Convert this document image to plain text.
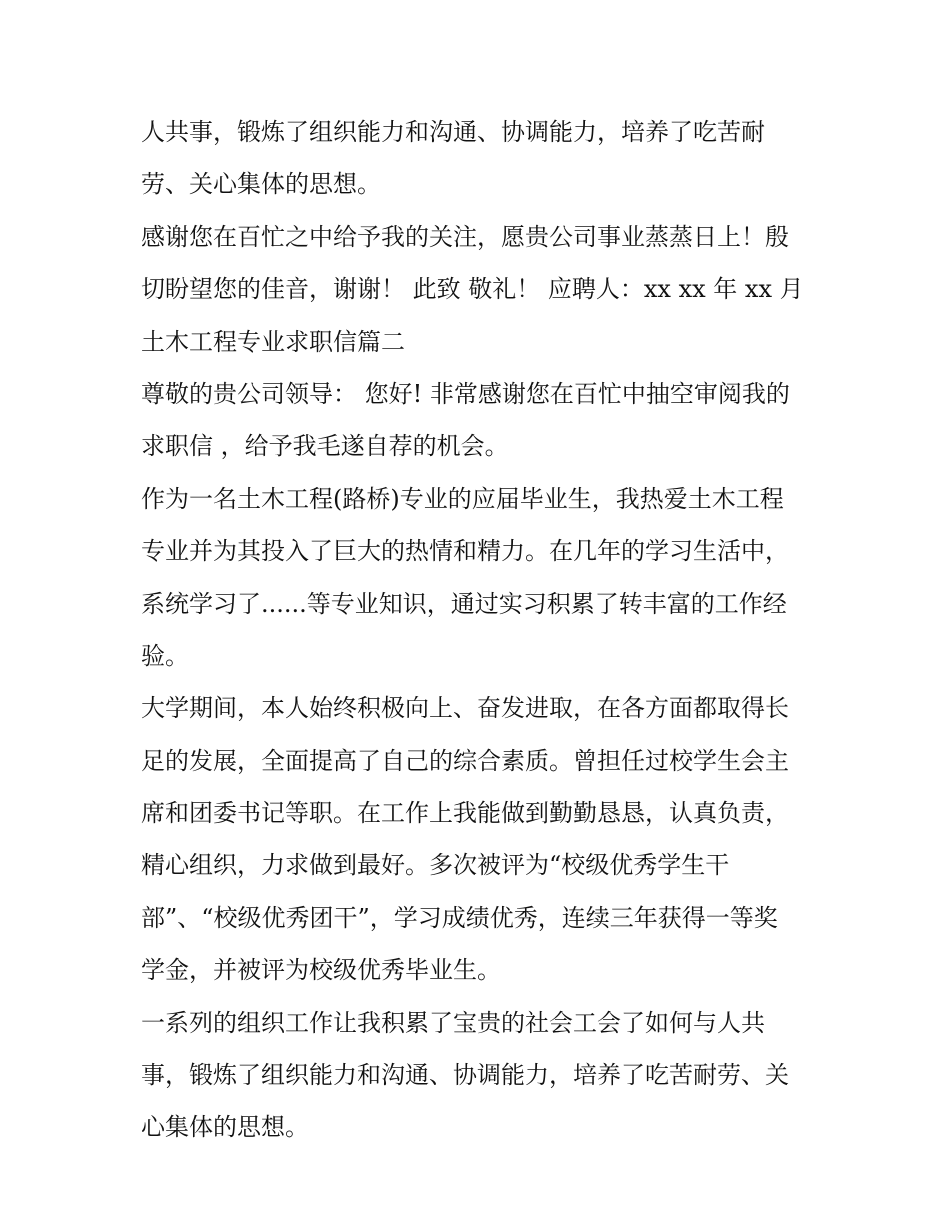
人共事，锻炼了组织能力和沟通、协调能力，培养了吃苦耐
劳、关心集体的思想。
感谢您在百忙之中给予我的关注，愿贵公司事业蒸蒸日上！殷
切盼望您的佳音，谢谢！ 此致 敬礼！ 应聘人：xx xx 年 xx 月
土木工程专业求职信篇二
尊敬的贵公司领导： 您好! 非常感谢您在百忙中抽空审阅我的
求职信 ，给予我毛遂自荐的机会。
作为一名土木工程(路桥)专业的应届毕业生，我热爱土木工程
专业并为其投入了巨大的热情和精力。在几年的学习生活中，
系统学习了......等专业知识，通过实习积累了转丰富的工作经
验。
大学期间，本人始终积极向上、奋发进取，在各方面都取得长
足的发展，全面提高了自己的综合素质。曾担任过校学生会主
席和团委书记等职。在工作上我能做到勤勤恳恳，认真负责，
精心组织，力求做到最好。多次被评为“校级优秀学生干
部”、“校级优秀团干”，学习成绩优秀，连续三年获得一等奖
学金，并被评为校级优秀毕业生。
一系列的组织工作让我积累了宝贵的社会工会了如何与人共
事，锻炼了组织能力和沟通、协调能力，培养了吃苦耐劳、关
心集体的思想。
